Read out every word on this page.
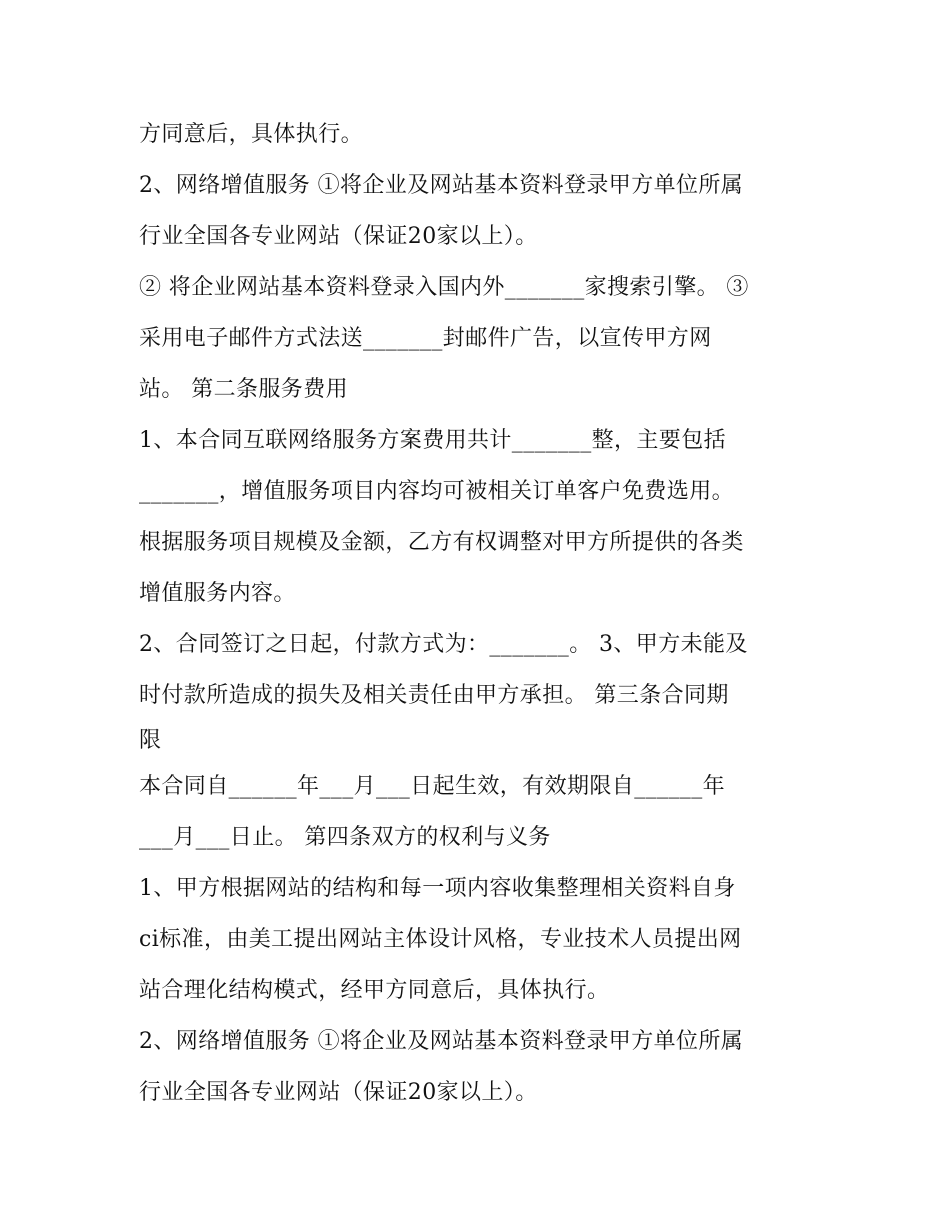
方同意后，具体执行。
2、网络增值服务 ①将企业及网站基本资料登录甲方单位所属
行业全国各专业网站（保证20家以上）。
② 将企业网站基本资料登录入国内外_______家搜索引擎。 ③
采用电子邮件方式法送_______封邮件广告，以宣传甲方网
站。 第二条服务费用
1、本合同互联网络服务方案费用共计_______整，主要包括
_______，增值服务项目内容均可被相关订单客户免费选用。
根据服务项目规模及金额，乙方有权调整对甲方所提供的各类
增值服务内容。
2、合同签订之日起，付款方式为：_______。 3、甲方未能及
时付款所造成的损失及相关责任由甲方承担。 第三条合同期
限
本合同自______年___月___日起生效，有效期限自______年
___月___日止。 第四条双方的权利与义务
1、甲方根据网站的结构和每一项内容收集整理相关资料自身
ci标准，由美工提出网站主体设计风格，专业技术人员提出网
站合理化结构模式，经甲方同意后，具体执行。
2、网络增值服务 ①将企业及网站基本资料登录甲方单位所属
行业全国各专业网站（保证20家以上）。
